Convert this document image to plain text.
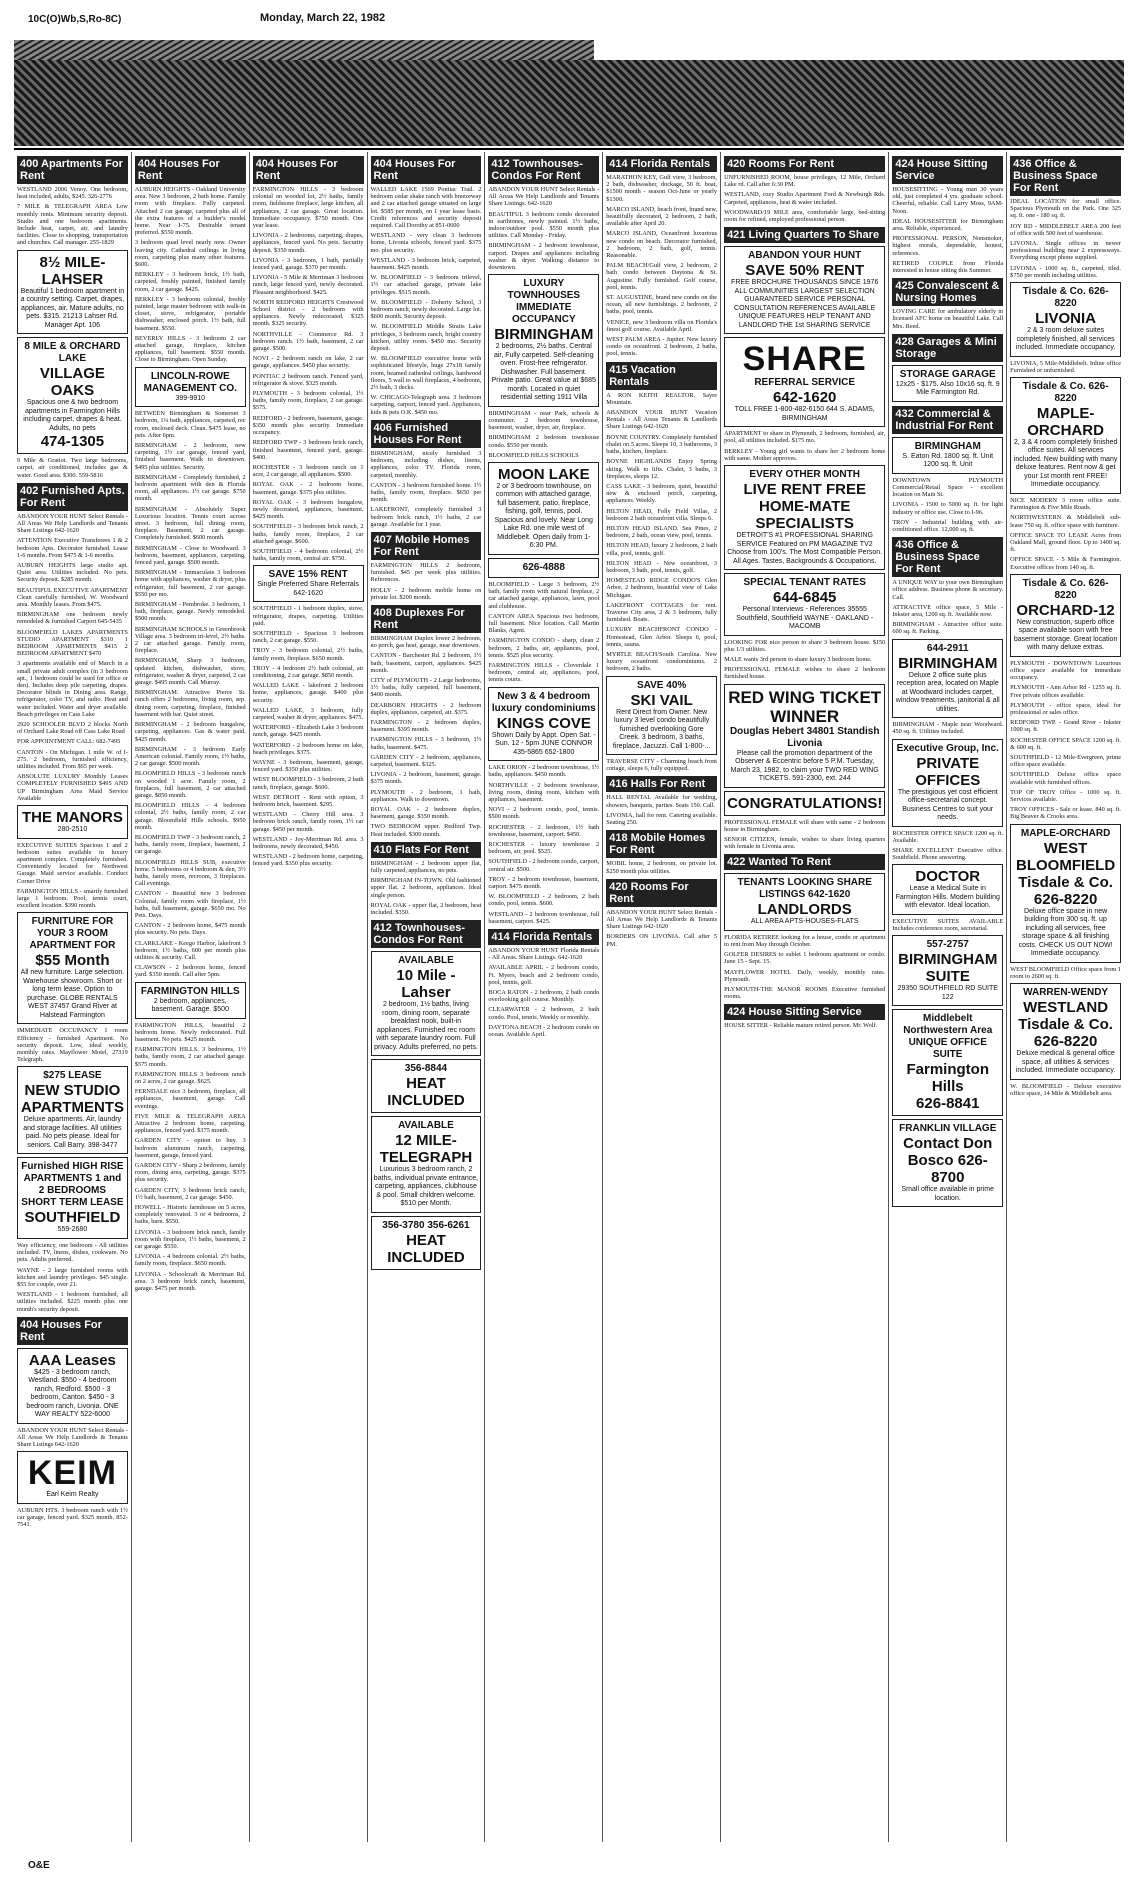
10C(O)Wb,S,Ro-8C)	Monday, March 22, 1982
400 Apartments For Rent

WESTLAND 2006 Venoy. One bedroom, heat included, adults, $245. 326-2776

7 MILE & TELEGRAPH AREA Low monthly rents. Minimum security deposit. Studio and one bedroom apartments. Include heat, carpet, air, and laundry facilities. Close to shopping, transportation and churches. Call manager. 255-1829

8½ MILE-LAHSER
Beautiful 1 bedroom apartment in a country setting. Carpet, drapes, appliances, air. Mature adults, no pets. $315. 21213 Lahser Rd. Manager Apt. 106
8 MILE & ORCHARD LAKE
VILLAGE OAKS
Spacious one & two bedroom apartments in Farmington Hills including carpet, drapes & heat. Adults, no pets
474-1305

9 Mile & Gratiot. Two large bedrooms, carpet, air conditioned, includes gas & water. Good area. $300. 559-5816

402 Furnished Apts. For Rent

ABANDON YOUR HUNT Select Rentals - All Areas We Help Landlords and Tenants Share Listings 642-1620

ATTENTION Executive Transferees 1 & 2 bedroom Apts. Decorator furnished. Lease 1-6 months. From $475 & 1-6 months.

AUBURN HEIGHTS large studio apt. Quiet area. Utilities included. No pets. Security deposit. $285 month.

BEAUTIFUL EXECUTIVE APARTMENT Clean carefully furnished, W. Woodward area. Monthly leases. From $475.

BIRMINGHAM one bedroom newly remodeled & furnished Carport 645-5435

BLOOMFIELD LAKES APARTMENTS STUDIO APARTMENT $310 1 BEDROOM APARTMENTS $415 2 BEDROOM APARTMENT $470

3 apartments available end of March in a small private adult complex (in 3 bedroom apt., 1 bedroom could be used for office or den). Includes deep pile carpeting, drapes. Decorator blinds in Dining area. Range, refrigerator, color TV, and radio. Heat and water included. Water and dryer available. Beach privileges on Cass Lake

2920 SCHOOLER BLVD 2 blocks North of Orchard Lake Road off Cass Lake Road

FOR APPOINTMENT CALL: 682-7495

CANTON - On Michigan. 1 mile W. of I-275. 2 bedroom, furnished efficiency, utilities included. From $65 per week.

ABSOLUTE LUXURY Monthly Leases COMPLETELY FURNISHED $495 AND UP Birmingham Area Maid Service Available

THE MANORS
280-2510

EXECUTIVE SUITES Spacious 1 and 2 bedroom suites available in luxury apartment complex. Completely furnished. Conveniently located for Northwest Garage. Maid service available. Conduct Corner Drive

FARMINGTON HILLS - smartly furnished large 1 bedroom. Pool, tennis court, excellent location. $390 month.

FURNITURE FOR YOUR 3 ROOM APARTMENT FOR
$55 Month
All new furniture. Large selection. Warehouse showroom. Short or long term lease. Option to purchase. GLOBE RENTALS WEST 37457 Grand River at Halstead Farmington

IMMEDIATE OCCUPANCY 1 room Efficiency - furnished Apartment. No security deposit. Low, ideal weekly, monthly rates. Mayflower Motel, 27319 Telegraph.

$275 LEASE
NEW STUDIO APARTMENTS
Deluxe apartments. Air, laundry and storage facilities. All utilities paid. No pets please. Ideal for seniors. Call Barry. 398-3477
Furnished HIGH RISE APARTMENTS 1 and 2 BEDROOMS SHORT TERM LEASE
SOUTHFIELD
559-2680

Way efficiency, one bedroom - All utilities included. TV, linens, dishes, cookware. No pets. Adults preferred.

WAYNE - 2 large furnished rooms with kitchen and laundry privileges. $45 single. $55 for couple, over 21.

WESTLAND - 1 bedroom furnished, all utilities included. $225 month plus one month's security deposit.

404 Houses For Rent
AAA Leases
$425 - 3 bedroom ranch, Westland. $550 - 4 bedroom ranch, Redford. $500 - 3 bedroom, Canton. $450 - 3 bedroom ranch, Livonia. ONE WAY REALTY 522-6000

ABANDON YOUR HUNT Select Rentals - All Areas We Help Landlords & Tenants Share Listings 642-1620

KEIM
Earl Keim Realty

AUBURN HTS. 3 bedroom ranch with 1½ car garage, fenced yard. $325 month. 852-7541.

404 Houses For Rent

AUBURN HEIGHTS - Oakland University area. New 3 bedroom, 2 bath home. Family room with fireplace. Fully carpeted. Attached 2 car garage, carpeted plus all of the extra features of a builder's model home. Near I-75. Desirable tenant preferred. $550 month.

3 bedroom quad level nearly new. Owner leaving city. Cathedral ceilings in living room, carpeting plus many other features. $600.

BERKLEY - 3 bedroom brick, 1½ bath, carpeted, freshly painted, finished family room, 2 car garage. $425.

BERKLEY - 3 bedroom colonial, freshly painted, large master bedroom with walk-in closet, stove, refrigerator, portable dishwasher, enclosed porch. 1½ bath, full basement. $550.

BEVERLY HILLS - 3 bedroom 2 car attached garage, fireplace, kitchen appliances, full basement. $550 month. Close to Birmingham. Open Sunday.

LINCOLN-ROWE MANAGEMENT CO.
399-9910

BETWEEN Birmingham & Somerset 3 bedroom, 1¼ bath, appliances, carpeted, rec room, enclosed deck. Clean. $475 lease, no pets. After 6pm.

BIRMINGHAM - 2 bedroom, new carpeting, 1½ car garage, fenced yard, finished basement. Walk to downtown. $495 plus utilities. Security.

BIRMINGHAM - Completely furnished, 2 bedroom apartment with den & Florida room, all appliances. 1½ car garage. $750 month.

BIRMINGHAM - Absolutely Super Luxurious location. Tennis court across street. 3 bedroom, full dining room, fireplace. Basement, 2 car garage. Completely furnished. $600 month.

BIRMINGHAM - Close to Woodward. 3 bedroom, basement, appliances, carpeting, fenced yard, garage. $500 month.

BIRMINGHAM - Immaculate 3 bedroom home with appliances, washer & dryer, plus refrigerator, full basement, 2 car garage. $550 per mo.

BIRMINGHAM - Pembroke. 3 bedroom, 1 bath, fireplace, garage. Newly remodeled. $500 month.

BIRMINGHAM SCHOOLS in Greenbrook Village area. 3 bedroom tri-level, 2½ baths. 2 car attached garage. Family room, fireplace.

BIRMINGHAM, Sharp 3 bedroom, updated kitchen, dishwasher, stove, refrigerator, washer & dryer, carpeted, 2 car garage. $495 month. Call Murray.

BIRMINGHAM. Attractive Pierce St. ranch offers 2 bedrooms, living room, sep. dining room, carpeting, fireplace, finished basement with bar. Quiet street.

BIRMINGHAM - 2 bedroom bungalow, carpeting, appliances. Gas & water paid. $425 month.

BIRMINGHAM - 3 bedroom Early American colonial. Family room, 1½ baths, 2 car garage. $500 month.

BLOOMFIELD HILLS - 3 bedroom ranch on wooded 1 acre. Family room, 2 fireplaces, full basement, 2 car attached garage. $850 month.

BLOOMFIELD HILLS - 4 bedroom colonial, 2½ baths, family room, 2 car garage. Bloomfield Hills schools. $950 month.

BLOOMFIELD TWP - 3 bedroom ranch, 2 baths, family room, fireplace, basement, 2 car garage.

BLOOMFIELD HILLS SUB, executive home. 5 bedrooms or 4 bedroom & den, 3½ baths, family room, recroom, 3 fireplaces. Call evenings.

CANTON - Beautiful new 3 bedroom Colonial, family room with fireplace, 1½ baths, full basement, garage. $650 mo. No Pets. Days.

CANTON - 2 bedroom home, $475 month plus security. No pets. Days.

CLARKLAKE - Keego Harbor, lakefront 3 bedroom, 1½ baths, 600 per month plus utilities & security. Call.

CLAWSON - 2 bedroom home, fenced yard. $350 month. Call after 5pm.

FARMINGTON HILLS
2 bedroom, appliances, basement. Garage. $500

FARMINGTON HILLS, beautiful 2 bedroom home. Newly redecorated. Full basement. No pets. $425 month.

FARMINGTON HILLS. 3 bedrooms, 1½ baths, family room, 2 car attached garage. $575 month.

FARMINGTON HILLS 3 bedroom ranch on 2 acres, 2 car garage. $625.

FERNDALE nice 3 bedroom, fireplace, all appliances, basement, garage. Call evenings.

FIVE MILE & TELEGRAPH AREA Attractive 2 bedroom home, carpeting, appliances, fenced yard. $375 month.

GARDEN CITY - option to buy. 3 bedroom aluminum ranch, carpeting, basement, garage, fenced yard.

GARDEN CITY - Sharp 2 bedroom, family room, dining area, carpeting, garage. $375 plus security.

GARDEN CITY, 3 bedroom brick ranch, 1½ bath, basement, 2 car garage. $450.

HOWELL - Historic farmhouse on 5 acres, completely renovated. 3 or 4 bedrooms, 2 baths, barn. $550.

LIVONIA - 3 bedroom brick ranch, family room with fireplace, 1½ baths, basement, 2 car garage. $550.

LIVONIA - 4 bedroom colonial. 2½ baths, family room, fireplace. $650 month.

LIVONIA - Schoolcraft & Merriman Rd. area. 3 bedroom brick ranch, basement, garage. $475 per month.

404 Houses For Rent

FARMINGTON HILLS - 3 bedroom colonial on wooded lot, 2½ baths, family room, fieldstone fireplace, large kitchen, all appliances, 2 car garage. Great location. Immediate occupancy. $750 month. One year lease.

LIVONIA - 2 bedrooms, carpeting, drapes, appliances, fenced yard. No pets. Security deposit. $350 month.

LIVONIA - 3 bedroom, 1 bath, partially fenced yard, garage. $370 per month.

LIVONIA - 5 Mile & Merriman 3 bedroom ranch, large fenced yard, newly decorated. Pleasant neighborhood. $425.

NORTH REDFORD HEIGHTS Crestwood School district - 2 bedroom with appliances. Newly redecorated. $325 month. $325 security.

NORTHVILLE - Commerce Rd. 3 bedroom ranch. 1½ bath, basement, 2 car garage. $500.

NOVI - 2 bedroom ranch on lake, 2 car garage, appliances. $450 plus security.

PONTIAC 2 bedroom ranch. Fenced yard, refrigerator & stove. $325 month.

PLYMOUTH - 3 bedroom colonial, 1½ baths, family room, fireplace, 2 car garage. $575.

REDFORD - 2 bedroom, basement, garage. $350 month plus security. Immediate occupancy.

REDFORD TWP - 3 bedroom brick ranch, finished basement, fenced yard, garage. $400.

ROCHESTER - 3 bedroom ranch on 1 acre, 2 car garage, all appliances. $500.

ROYAL OAK - 2 bedroom home, basement, garage. $375 plus utilities.

ROYAL OAK - 3 bedroom bungalow, newly decorated, appliances, basement. $425 month.

SOUTHFIELD - 3 bedroom brick ranch, 2 baths, family room, fireplace, 2 car attached garage. $600.

SOUTHFIELD - 4 bedroom colonial, 2½ baths, family room, central air. $750.

SAVE 15% RENT
Single Preferred Share Referrals 642-1620

SOUTHFIELD - 1 bedroom duplex, stove, refrigerator, drapes, carpeting. Utilities paid.

SOUTHFIELD - Spacious 3 bedroom ranch, 2 car garage. $550.

TROY - 3 bedroom colonial, 2½ baths, family room, fireplace. $650 month.

TROY - 4 bedroom 2½ bath colonial, air conditioning, 2 car garage. $850 month.

WALLED LAKE - lakefront 2 bedroom home, appliances, garage. $400 plus security.

WALLED LAKE, 3 bedroom, fully carpeted, washer & dryer, appliances. $475.

WATERFORD - Elizabeth Lake 3 bedroom ranch, garage. $425 month.

WATERFORD - 2 bedroom home on lake, beach privileges. $375.

WAYNE - 3 bedroom, basement, garage, fenced yard. $350 plus utilities.

WEST BLOOMFIELD - 3 bedroom, 2 bath ranch, fireplace, garage. $600.

WEST DETROIT - Rent with option, 3 bedroom brick, basement. $295.

WESTLAND - Cherry Hill area. 3 bedroom brick ranch, family room, 1½ car garage. $450 per month.

WESTLAND - Joy-Merriman Rd. area. 3 bedrooms, newly decorated, $450.

WESTLAND - 2 bedroom home, carpeting, fenced yard. $350 plus security.

404 Houses For Rent

WALLED LAKE 1569 Pontiac Trail. 2 bedroom cedar shake ranch with breezeway and 2 car attached garage situated on large lot. $585 per month, on 1 year lease basis. Credit references and security deposit required. Call Dorothy at 851-0600

WESTLAND - very clean 3 bedroom home, Livonia schools, fenced yard. $375 mo. plus security.

WESTLAND - 3 bedroom brick, carpeted, basement. $425 month.

W. BLOOMFIELD - 3 bedroom trilevel, 1½ car attached garage, private lake privileges. $515 month.

W. BLOOMFIELD - Doherty School, 3 bedroom ranch, newly decorated. Large lot. $600 month. Security deposit.

W. BLOOMFIELD Middle Straits Lake privileges, 3 bedroom ranch, bright country kitchen, utility room. $450 mo. Security deposit.

W. BLOOMFIELD executive home with sophisticated lifestyle, huge 27x18 family room, beamed cathedral ceilings, hardwood floors, 5 wall to wall fireplaces, 4 bedroom, 2½ bath, 3 decks.

W. CHICAGO-Telegraph area. 3 bedroom carpeting, carport, fenced yard. Appliances, kids & pets O.K. $450 mo.

406 Furnished Houses For Rent

BIRMINGHAM, nicely furnished 3 bedroom, including dishes, linens, appliances, color TV. Florida room, carpeted, monthly.

CANTON - 3 bedroom furnished home. 1½ baths, family room, fireplace. $650 per month.

LAKEFRONT, completely furnished 3 bedroom brick ranch, 1½ baths, 2 car garage. Available for 1 year.

407 Mobile Homes For Rent

FARMINGTON HILLS 2 bedroom, furnished. $45 per week plus utilities. References.

HOLLY - 2 bedroom mobile home on private lot. $200 month.

408 Duplexes For Rent

BIRMINGHAM Duplex lower 2 bedroom, no porch, gas heat, garage, near downtown.

CANTON - Barchester Rd. 2 bedroom, 1½ bath, basement, carport, appliances. $425 month.

CITY of PLYMOUTH - 2 Large bedrooms, 1½ baths, fully carpeted, full basement, $400 month.

DEARBORN HEIGHTS - 2 bedroom duplex, appliances, carpeted, air. $375.

FARMINGTON - 2 bedroom duplex, basement. $395 month.

FARMINGTON HILLS - 3 bedroom, 1½ baths, basement. $475.

GARDEN CITY - 2 bedroom, appliances, carpeted, basement. $325.

LIVONIA - 2 bedroom, basement, garage. $375 month.

PLYMOUTH - 2 bedroom, 1 bath, appliances. Walk to downtown.

ROYAL OAK - 2 bedroom duplex, basement, garage. $350 month.

TWO BEDROOM upper. Redford Twp. Heat included. $300 month.

410 Flats For Rent

BIRMINGHAM - 2 bedroom upper flat, fully carpeted, appliances, no pets.

BIRMINGHAM IN-TOWN. Old fashioned upper flat. 2 bedroom, appliances. Ideal single person.

ROYAL OAK - upper flat, 2 bedroom, heat included. $350.

412 Townhouses-Condos For Rent
AVAILABLE
10 Mile - Lahser
2 bedroom, 1½ baths, living room, dining room, separate breakfast nook, built-in appliances. Furnished rec room with separate laundry room. Full privacy. Adults preferred, no pets.
356-8844
HEAT INCLUDED
AVAILABLE
12 MILE-TELEGRAPH
Luxurious 3 bedroom ranch, 2 baths, individual private entrance, carpeting, appliances, clubhouse & pool. Small children welcome. $510 per Month.
356-3780 356-6261
HEAT INCLUDED
412 Townhouses-Condos For Rent

ABANDON YOUR HUNT Select Rentals - All Areas We Help Landlords and Tenants Share Listings. 642-1620

BEAUTIFUL 3 bedroom condo decorated in earthtones, newly painted. 1½ baths, indoor/outdoor pool. $550 month plus utilities. Call Monday - Friday.

BIRMINGHAM - 2 bedroom townhouse, carport. Drapes and appliances including washer & dryer. Walking distance to downtown.

LUXURY TOWNHOUSES IMMEDIATE OCCUPANCY
BIRMINGHAM
2 bedrooms, 2½ baths. Central air, Fully carpeted. Self-cleaning oven. Frost-free refrigerator. Dishwasher. Full basement. Private patio. Great value at $685 month. Located in quiet residential setting 1911 Villa

BIRMINGHAM - near Park, schools & commuter. 2 bedroom townhouse, basement, washer, dryer, air, fireplace.

BIRMINGHAM 2 bedroom townhouse condo. $550 per month.

BLOOMFIELD HILLS SCHOOLS

MOON LAKE
2 or 3 bedroom townhouse, on common with attached garage, full basement, patio, fireplace, fishing, golf, tennis, pool. Spacious and lovely. Near Long Lake Rd. one mile west of Middlebelt. Open daily from 1-6:30 PM.
626-4888

BLOOMFIELD - Large 3 bedroom, 2½ bath, family room with natural fireplace, 2 car attached garage, appliances, lawn, pool and clubhouse.

CANTON AREA Spacious two bedroom, full basement. Nice location. Call Martin Blanks, Agent.

FARMINGTON CONDO - sharp, clean 2 bedroom, 2 baths, air, appliances, pool, tennis. $525 plus security.

FARMINGTON HILLS - Cloverdale 1 bedroom, central air, appliances, pool, tennis courts.

New 3 & 4 bedroom luxury condominiums
KINGS COVE
Shown Daily by Appt. Open Sat. - Sun. 12 - 5pm JUNE CONNOR 435-5865 652-1800

LAKE ORION - 2 bedroom townhouse, 1½ baths, appliances. $450 month.

NORTHVILLE - 2 bedroom townhouse, living room, dining room, kitchen with appliances, basement.

NOVI - 2 bedroom condo, pool, tennis. $500 month.

ROCHESTER - 2 bedroom, 1½ bath townhouse, basement, carport. $450.

ROCHESTER - luxury townhouse 2 bedroom, air, pool. $525.

SOUTHFIELD - 2 bedroom condo, carport, central air. $500.

TROY - 2 bedroom townhouse, basement, carport. $475 month.

W. BLOOMFIELD - 2 bedroom, 2 bath condo, pool, tennis. $600.

WESTLAND - 2 bedroom townhouse, full basement, carport. $425.

414 Florida Rentals

ABANDON YOUR HUNT Florida Rentals - All Areas. Share Listings. 642-1620

AVAILABLE APRIL - 2 bedroom condo, Ft. Myers, beach and 2 bedroom condo, pool, tennis, golf.

BOCA RATON - 2 bedroom, 2 bath condo overlooking golf course. Monthly.

CLEARWATER - 2 bedroom, 2 bath condo. Pool, tennis. Weekly or monthly.

DAYTONA BEACH - 2 bedroom condo on ocean. Available April.

414 Florida Rentals

MARATHON KEY, Gulf view, 3 bedroom, 2 bath, dishwasher, dockage, 50 ft. boat, $1500 month - season Oct-June or yearly $1300.

MARCO ISLAND, beach front, brand new, beautifully decorated, 2 bedroom, 2 bath, available after April 20.

MARCO ISLAND, Oceanfront luxurious new condo on beach. Decorator furnished, 2 bedroom, 2 bath, golf, tennis. Reasonable.

PALM BEACH/Gulf view, 2 bedroom, 2 bath condo between Daytona & St. Augustine. Fully furnished. Golf course, pool, tennis.

ST. AUGUSTINE, brand new condo on the ocean, all new furnishings. 2 bedroom, 2 baths, pool, tennis.

VENICE, new 3 bedroom villa on Florida's finest golf course. Available April.

WEST PALM AREA - Jupiter. New luxury condo on oceanfront. 2 bedroom, 2 baths, pool, tennis.

415 Vacation Rentals

A RON KEITH REALTOR. Sayre Mountain.

ABANDON YOUR HUNT Vacation Rentals - All Areas Tenants & Landlords Share Listings 642-1620

BOYNE COUNTRY. Completely furnished chalet on 5 acres. Sleeps 10, 3 bathrooms, 3 baths, kitchen, fireplace.

BOYNE HIGHLANDS Enjoy Spring skiing. Walk to lifts. Chalet, 3 baths, 3 fireplaces, sleeps 12.

CASS LAKE - 3 bedroom, quiet, beautiful new & enclosed porch, carpeting, appliances. Weekly.

HILTON HEAD, Folly Field Villas, 2 bedroom 2 bath oceanfront villa. Sleeps 6.

HILTON HEAD ISLAND. Sea Pines, 2 bedroom, 2 bath, ocean view, pool, tennis.

HILTON HEAD, luxury 2 bedroom, 2 bath villa, pool, tennis, golf.

HILTON HEAD - New oceanfront, 3 bedroom, 3 bath, pool, tennis, golf.

HOMESTEAD RIDGE CONDO'S Glen Arbor, 2 bedroom, beautiful view of Lake Michigan.

LAKEFRONT COTTAGES for rent. Traverse City area, 2 & 3 bedroom, fully furnished. Boats.

LUXURY BEACHFRONT CONDO - Homestead, Glen Arbor. Sleeps 6, pool, tennis, sauna.

MYRTLE BEACH/South Carolina. New luxury oceanfront condominiums. 2 bedroom, 2 baths.

SAVE 40%
SKI VAIL
Rent Direct from Owner. New luxury 3 level condo beautifully furnished overlooking Gore Creek. 3 bedroom, 3 baths, fireplace, Jacuzzi. Call 1-800-...

TRAVERSE CITY - Charming beach front cottage, sleeps 6, fully equipped.

416 Halls For Rent

HALL RENTAL Available for wedding, showers, banquets, parties. Seats 150. Call.

LIVONIA, hall for rent. Catering available. Seating 250.

418 Mobile Homes For Rent

MOBIL home, 2 bedroom, on private lot. $250 month plus utilities.

420 Rooms For Rent

ABANDON YOUR HUNT Select Rentals - All Areas We Help Landlords & Tenants Share Listings 642-1620

BORDERS ON LIVONIA. Call after 5 PM.

420 Rooms For Rent

UNFURNISHED ROOM, house privileges, 12 Mile, Orchard Lake rd. Call after 6:30 PM.

WESTLAND, cozy Studio Apartment Ford & Newburgh Rds. Carpeted, appliances, heat & water included.

WOODWARD/19 MILE area, comfortable large, bed-sitting room for refined, employed professional person.

421 Living Quarters To Share
ABANDON YOUR HUNT
SAVE 50% RENT
FREE BROCHURE THOUSANDS SINCE 1976 ALL COMMUNITIES LARGEST SELECTION GUARANTEED SERVICE PERSONAL CONSULTATION REFERENCES AVAILABLE UNIQUE FEATURES HELP TENANT AND LANDLORD THE 1st SHARING SERVICE
SHARE
REFERRAL SERVICE
642-1620
TOLL FREE 1-800-482-6150 644 S. ADAMS, BIRMINGHAM

APARTMENT to share in Plymouth, 2 bedroom, furnished, air, pool, all utilities included. $175 mo.

BERKLEY - Young girl wants to share her 2 bedroom home with same. Mother approves.

EVERY OTHER MONTH
LIVE RENT FREE
HOME-MATE SPECIALISTS
DETROIT'S #1 PROFESSIONAL SHARING SERVICE Featured on PM MAGAZINE TV2 Choose from 100's. The Most Compatible Person. All Ages. Tastes, Backgrounds & Occupations.
SPECIAL TENANT RATES
644-6845
Personal Interviews - References 35555 Southfield, Southfield WAYNE - OAKLAND - MACOMB

LOOKING FOR nice person to share 3 bedroom house. $150 plus 1/3 utilities.

MALE wants 3rd person to share luxury 3 bedroom home.

PROFESSIONAL FEMALE wishes to share 2 bedroom furnished house.

RED WING TICKET WINNER
Douglas Hebert 34801 Standish Livonia
Please call the promotion department of the Observer & Eccentric before 5 P.M. Tuesday, March 23, 1982, to claim your TWO RED WING TICKETS. 591-2300, ext. 244
CONGRATULATIONS!

PROFESSIONAL FEMALE will share with same - 2 bedroom house in Birmingham.

SENIOR CITIZEN, female, wishes to share living quarters with female in Livonia area.

422 Wanted To Rent
TENANTS LOOKING SHARE LISTINGS 642-1620
LANDLORDS
ALL AREA APTS-HOUSES-FLATS

FLORIDA RETIREE looking for a house, condo or apartment to rent from May through October.

GOLFER DESIRES to sublet 1 bedroom apartment or condo. June 15 - Sept. 15.

MAYFLOWER HOTEL Daily, weekly, monthly rates. Plymouth.

PLYMOUTH-THE MANOR ROOMS Executive furnished rooms.

424 House Sitting Service

HOUSE SITTER - Reliable mature retired person. Mr. Wolf.

424 House Sitting Service

HOUSESITTING - Young man 30 years old, just completed 4 yrs. graduate school. Cheerful, reliable. Call Larry Moss, 9AM-Noon.

IDEAL HOUSESITTER for Birmingham area. Reliable, experienced.

PROFESSIONAL PERSON, Nonsmoker, highest morals, dependable, honest, references.

RETIRED COUPLE from Florida interested in house sitting this Summer.

425 Convalescent & Nursing Homes

LOVING CARE for ambulatory elderly in licensed AFC home on beautiful Lake. Call Mrs. Reed.

428 Garages & Mini Storage
STORAGE GARAGE
12x25 - $175. Also 10x16 sq. ft. 9 Mile Farmington Rd.
432 Commercial & Industrial For Rent
BIRMINGHAM
S. Eaton Rd. 1800 sq. ft. Unit 1200 sq. ft. Unit

DOWNTOWN PLYMOUTH Commercial/Retail Space - excellent location on Main St.

LIVONIA - 1500 to 5000 sq. ft. for light industry or office use. Close to I-96.

TROY - Industrial building with air-conditioned office. 12,000 sq. ft.

436 Office & Business Space For Rent

A UNIQUE WAY to your own Birmingham office address. Business phone & secretary. Call.

ATTRACTIVE office space, 5 Mile - Inkster area, 1200 sq. ft. Available now.

BIRMINGHAM - Attractive office suite. 600 sq. ft. Parking.

644-2911
BIRMINGHAM
Deluxe 2 office suite plus reception area, located on Maple at Woodward includes carpet, window treatments, janitorial & all utilities.

BIRMINGHAM - Maple near Woodward. 450 sq. ft. Utilities included.

Executive Group, Inc.
PRIVATE OFFICES
The prestigious yet cost efficient office-secretarial concept. Business Centres to suit your needs.

ROCHESTER OFFICE SPACE 1200 sq. ft. Available.

SHARE EXCELLENT Executive office. Southfield. Phone answering.

DOCTOR
Lease a Medical Suite in Farmington Hills. Modern building with elevator. Ideal location.

EXECUTIVE SUITES AVAILABLE Includes conference room, secretarial.

557-2757
BIRMINGHAM SUITE
29350 SOUTHFIELD RD SUITE 122
Middlebelt Northwestern Area UNIQUE OFFICE SUITE
Farmington Hills
626-8841
FRANKLIN VILLAGE
Contact Don Bosco 626-8700
Small office available in prime location.
436 Office & Business Space For Rent

IDEAL LOCATION for small office. Spacious Plymouth on the Park. One 325 sq. ft. one - 180 sq. ft.

JOY RD - MIDDLEBELT AREA 200 feet of office with 500 feet of warehouse.

LIVONIA. Single offices in newer professional building near 2 expressways. Everything except phone supplied.

LIVONIA - 1000 sq. ft., carpeted, tiled. $750 per month including utilities.

Tisdale & Co. 626-8220
LIVONIA
2 & 3 room deluxe suites completely finished, all services included. Immediate occupancy.

LIVONIA, 5 Mile-Middlebelt. Inline office Furnished or unfurnished.

Tisdale & Co. 626-8220
MAPLE-ORCHARD
2, 3 & 4 room completely finished office suites. All services included. New building with many deluxe features. Rent now & get your 1st month rent FREE! Immediate occupancy.

NICE MODERN 3 room office suite. Farmington & Five Mile Roads.

NORTHWESTERN & Middlebelt sub-lease 750 sq. ft. office space with furniture.

OFFICE SPACE TO LEASE Acres from Oakland Mall, ground floor. Up to 1400 sq. ft.

OFFICE SPACE - 5 Mile & Farmington. Executive offices from 140 sq. ft.

Tisdale & Co. 626-8220
ORCHARD-12
New construction, superb office space available soon with free basement storage. Great location with many deluxe extras.

PLYMOUTH - DOWNTOWN Luxurious office space available for immediate occupancy.

PLYMOUTH - Ann Arbor Rd - 1255 sq. ft. Free private offices available.

PLYMOUTH - office space, ideal for professional or sales office.

REDFORD TWP. - Grand River - Inkster 1000 sq. ft.

ROCHESTER OFFICE SPACE 1200 sq. ft. & 600 sq. ft.

SOUTHFIELD - 12 Mile-Evergreen, prime office space available.

SOUTHFIELD Deluxe office space available with furnished offices.

TOP OF TROY Office - 1000 sq. ft. Services available.

TROY OFFICES - Sale or lease. 840 sq. ft. Big Beaver & Crooks area.

MAPLE-ORCHARD
WEST BLOOMFIELD
Tisdale & Co. 626-8220
Deluxe office space in new building from 300 sq. ft. up including all services, free storage space & all finishing costs. CHECK US OUT NOW! Immediate occupancy.

WEST BLOOMFIELD Office space from 1 room to 2600 sq. ft.

WARREN-WENDY
WESTLAND
Tisdale & Co. 626-8220
Deluxe medical & general office space, all utilities & services included. Immediate occupancy.

W. BLOOMFIELD - Deluxe executive office space, 14 Mile & Middlebelt area.

O&E
